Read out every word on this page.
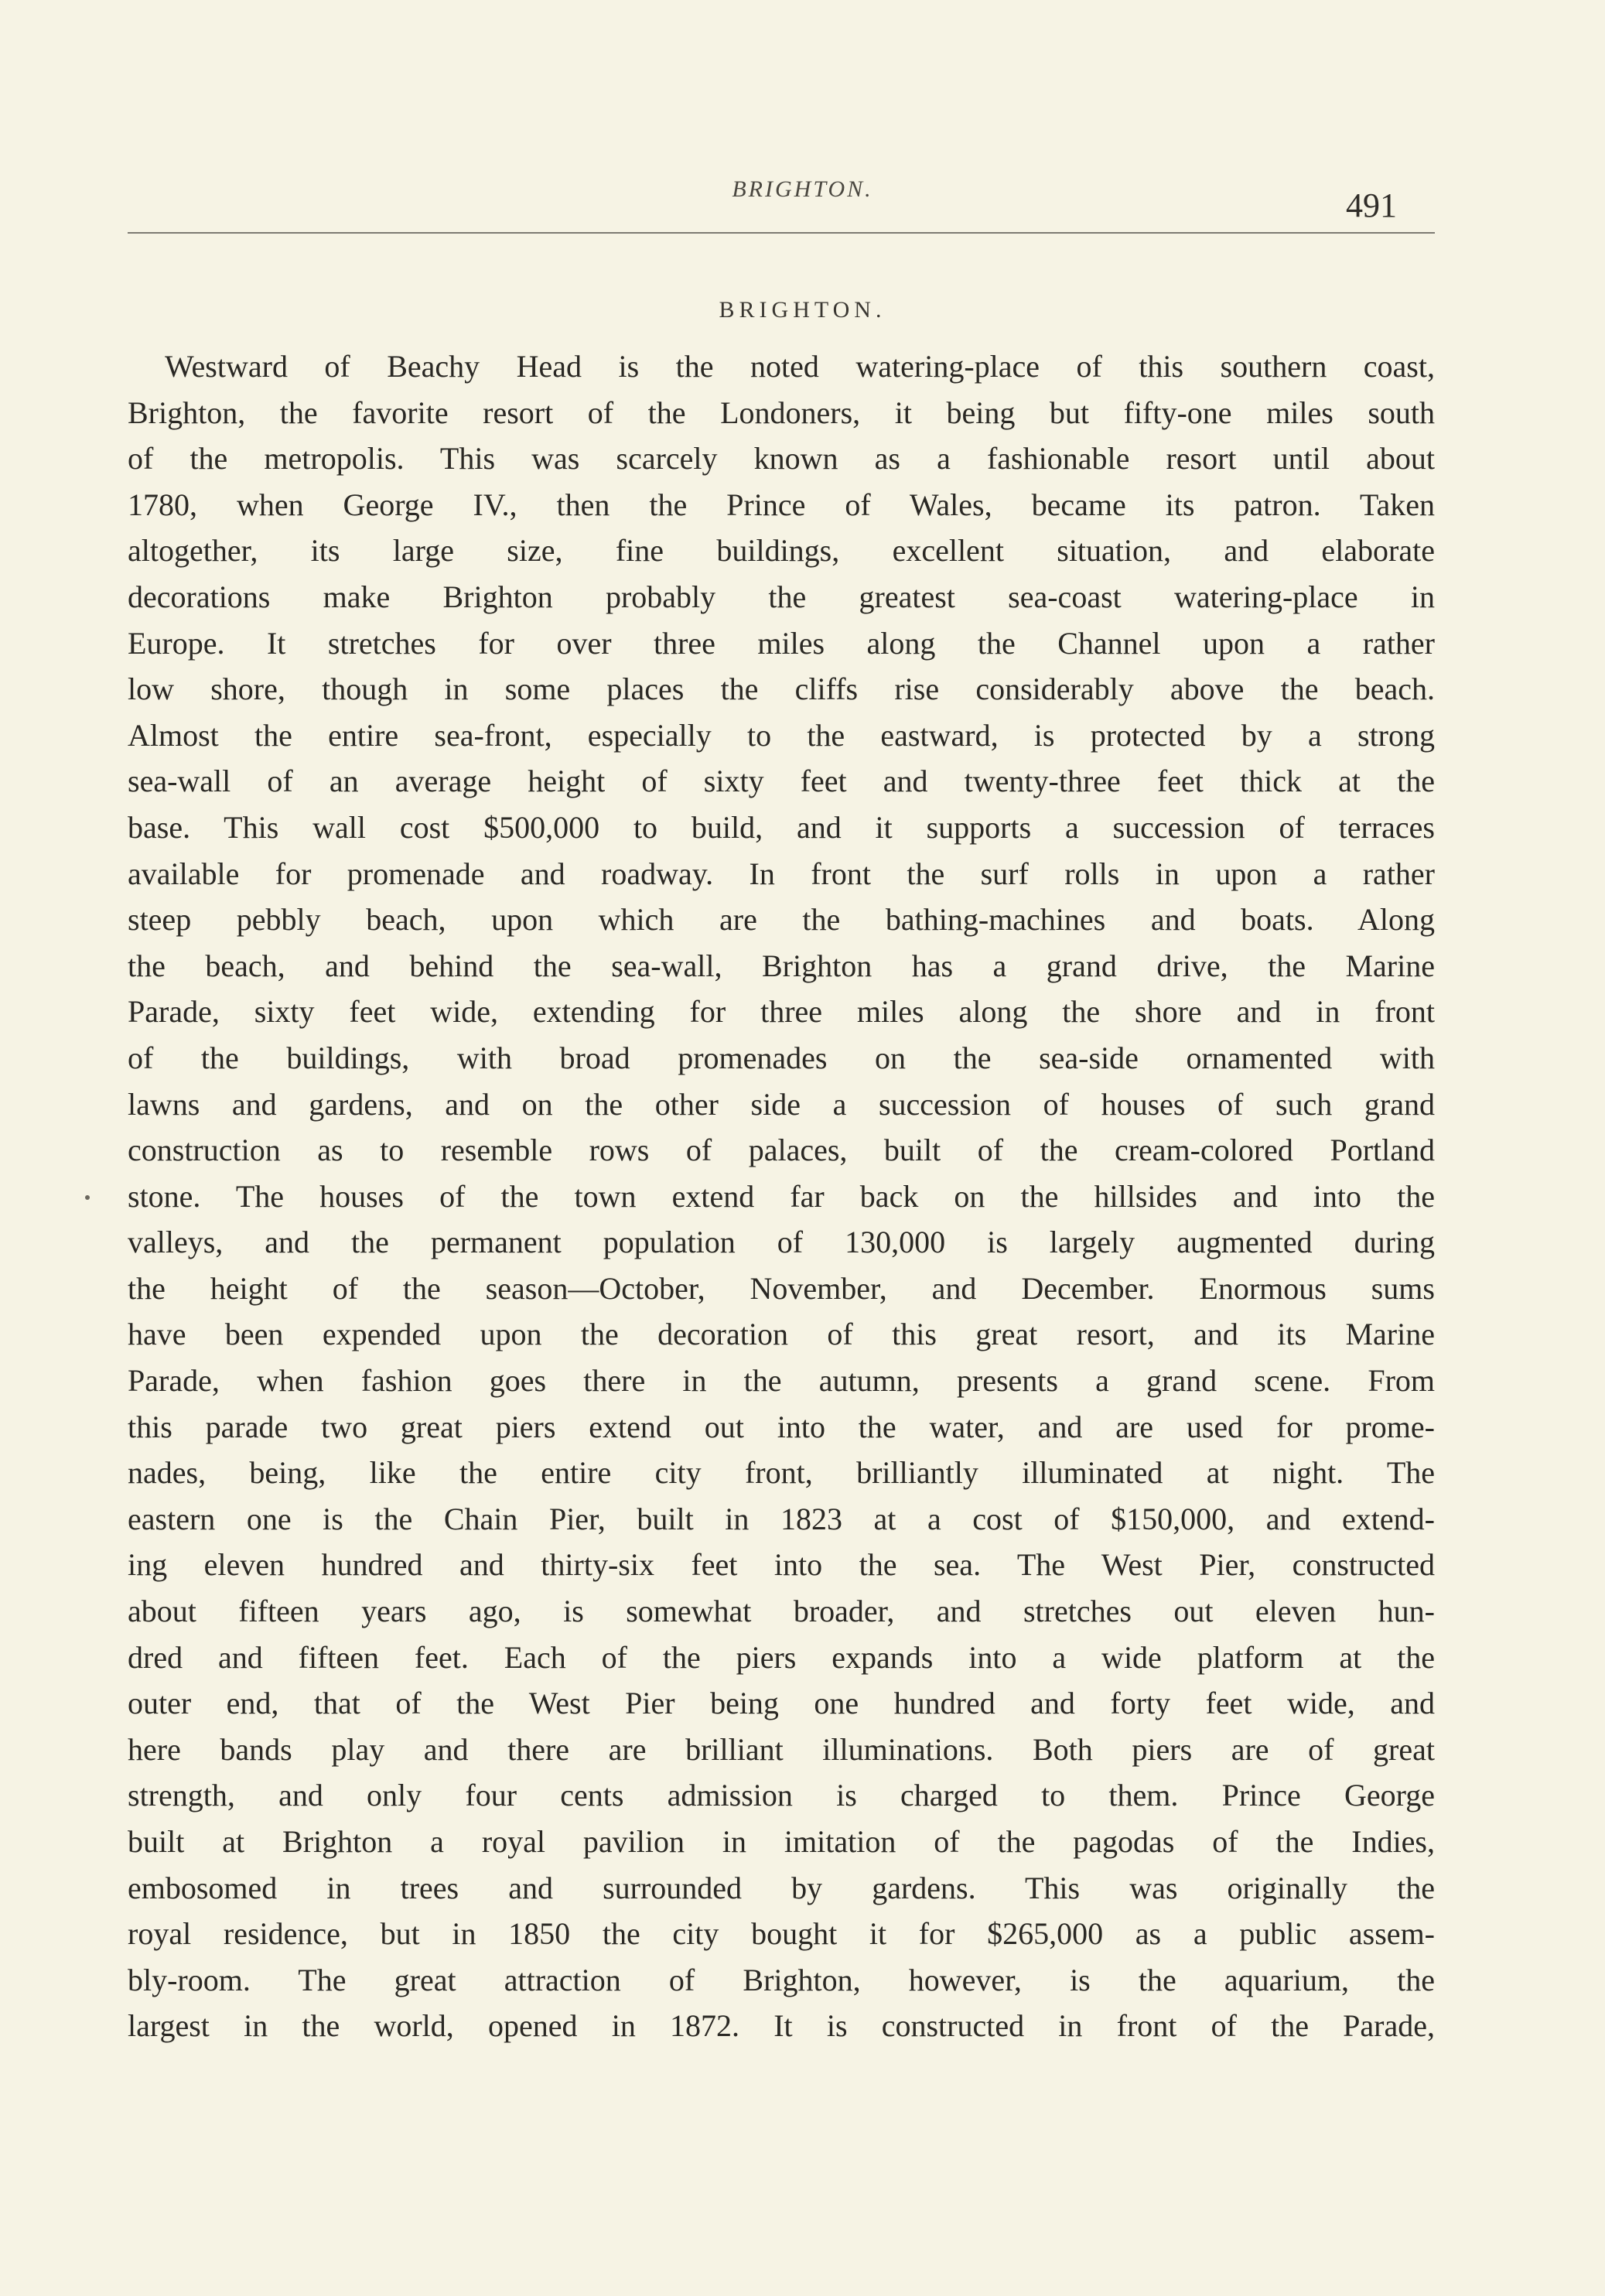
BRIGHTON.	491
BRIGHTON.
Westward of Beachy Head is the noted watering-place of this southern coast,
Brighton, the favorite resort of the Londoners, it being but fifty-one miles south
of the metropolis. This was scarcely known as a fashionable resort until about
1780, when George IV., then the Prince of Wales, became its patron. Taken
altogether, its large size, fine buildings, excellent situation, and elaborate
decorations make Brighton probably the greatest sea-coast watering-place in
Europe. It stretches for over three miles along the Channel upon a rather
low shore, though in some places the cliffs rise considerably above the beach.
Almost the entire sea-front, especially to the eastward, is protected by a strong
sea-wall of an average height of sixty feet and twenty-three feet thick at the
base. This wall cost $500,000 to build, and it supports a succession of terraces
available for promenade and roadway. In front the surf rolls in upon a rather
steep pebbly beach, upon which are the bathing-machines and boats. Along
the beach, and behind the sea-wall, Brighton has a grand drive, the Marine
Parade, sixty feet wide, extending for three miles along the shore and in front
of the buildings, with broad promenades on the sea-side ornamented with
lawns and gardens, and on the other side a succession of houses of such grand
construction as to resemble rows of palaces, built of the cream-colored Portland
stone. The houses of the town extend far back on the hillsides and into the
valleys, and the permanent population of 130,000 is largely augmented during
the height of the season—October, November, and December. Enormous sums
have been expended upon the decoration of this great resort, and its Marine
Parade, when fashion goes there in the autumn, presents a grand scene. From
this parade two great piers extend out into the water, and are used for prome-
nades, being, like the entire city front, brilliantly illuminated at night. The
eastern one is the Chain Pier, built in 1823 at a cost of $150,000, and extend-
ing eleven hundred and thirty-six feet into the sea. The West Pier, constructed
about fifteen years ago, is somewhat broader, and stretches out eleven hun-
dred and fifteen feet. Each of the piers expands into a wide platform at the
outer end, that of the West Pier being one hundred and forty feet wide, and
here bands play and there are brilliant illuminations. Both piers are of great
strength, and only four cents admission is charged to them. Prince George
built at Brighton a royal pavilion in imitation of the pagodas of the Indies,
embosomed in trees and surrounded by gardens. This was originally the
royal residence, but in 1850 the city bought it for $265,000 as a public assem-
bly-room. The great attraction of Brighton, however, is the aquarium, the
largest in the world, opened in 1872. It is constructed in front of the Parade,
